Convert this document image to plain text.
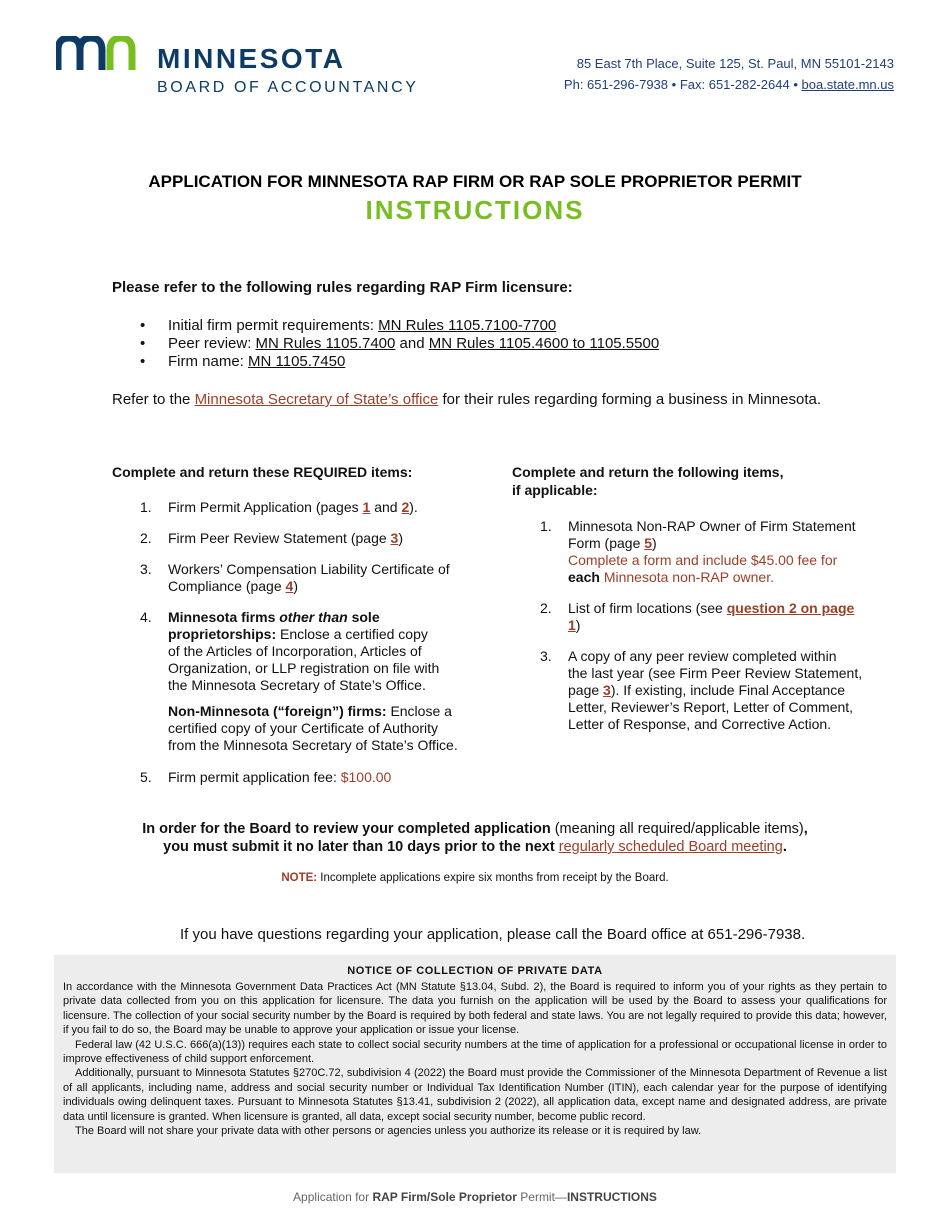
MINNESOTA
BOARD OF ACCOUNTANCY
85 East 7th Place, Suite 125, St. Paul, MN 55101-2143
Ph: 651-296-7938 • Fax: 651-282-2644 • boa.state.mn.us
APPLICATION FOR MINNESOTA RAP FIRM OR RAP SOLE PROPRIETOR PERMIT
INSTRUCTIONS
Please refer to the following rules regarding RAP Firm licensure:
• Initial firm permit requirements: MN Rules 1105.7100-7700
• Peer review: MN Rules 1105.7400 and MN Rules 1105.4600 to 1105.5500
• Firm name: MN 1105.7450
Refer to the Minnesota Secretary of State’s office for their rules regarding forming a business in Minnesota.
Complete and return these REQUIRED items:
1. Firm Permit Application (pages 1 and 2).
2. Firm Peer Review Statement (page 3)
3. Workers’ Compensation Liability Certificate of
Compliance (page 4)
4. Minnesota firms other than sole
proprietorships: Enclose a certified copy
of the Articles of Incorporation, Articles of
Organization, or LLP registration on file with
the Minnesota Secretary of State’s Office.
Non-Minnesota (“foreign”) firms: Enclose a
certified copy of your Certificate of Authority
from the Minnesota Secretary of State’s Office.
5. Firm permit application fee: $100.00
Complete and return the following items,
if applicable:
1. Minnesota Non-RAP Owner of Firm Statement
Form (page 5)
Complete a form and include $45.00 fee for
each Minnesota non-RAP owner.
2. List of firm locations (see question 2 on page
1)
3. A copy of any peer review completed within
the last year (see Firm Peer Review Statement,
page 3). If existing, include Final Acceptance
Letter, Reviewer’s Report, Letter of Comment,
Letter of Response, and Corrective Action.
In order for the Board to review your completed application (meaning all required/applicable items),
you must submit it no later than 10 days prior to the next regularly scheduled Board meeting.
NOTE: Incomplete applications expire six months from receipt by the Board.
If you have questions regarding your application, please call the Board office at 651-296-7938.
NOTICE OF COLLECTION OF PRIVATE DATA

In accordance with the Minnesota Government Data Practices Act (MN Statute §13.04, Subd. 2), the Board is required to inform you of your rights as they pertain to private data collected from you on this application for licensure. The data you furnish on the application will be used by the Board to assess your qualifications for licensure. The collection of your social security number by the Board is required by both federal and state laws. You are not legally required to provide this data; however, if you fail to do so, the Board may be unable to approve your application or issue your license.

Federal law (42 U.S.C. 666(a)(13)) requires each state to collect social security numbers at the time of application for a professional or occupational license in order to improve effectiveness of child support enforcement.

Additionally, pursuant to Minnesota Statutes §270C.72, subdivision 4 (2022) the Board must provide the Commissioner of the Minnesota Department of Revenue a list of all applicants, including name, address and social security number or Individual Tax Identification Number (ITIN), each calendar year for the purpose of identifying individuals owing delinquent taxes. Pursuant to Minnesota Statutes §13.41, subdivision 2 (2022), all application data, except name and designated address, are private data until licensure is granted. When licensure is granted, all data, except social security number, become public record.

The Board will not share your private data with other persons or agencies unless you authorize its release or it is required by law.

Application for RAP Firm/Sole Proprietor Permit—INSTRUCTIONS
